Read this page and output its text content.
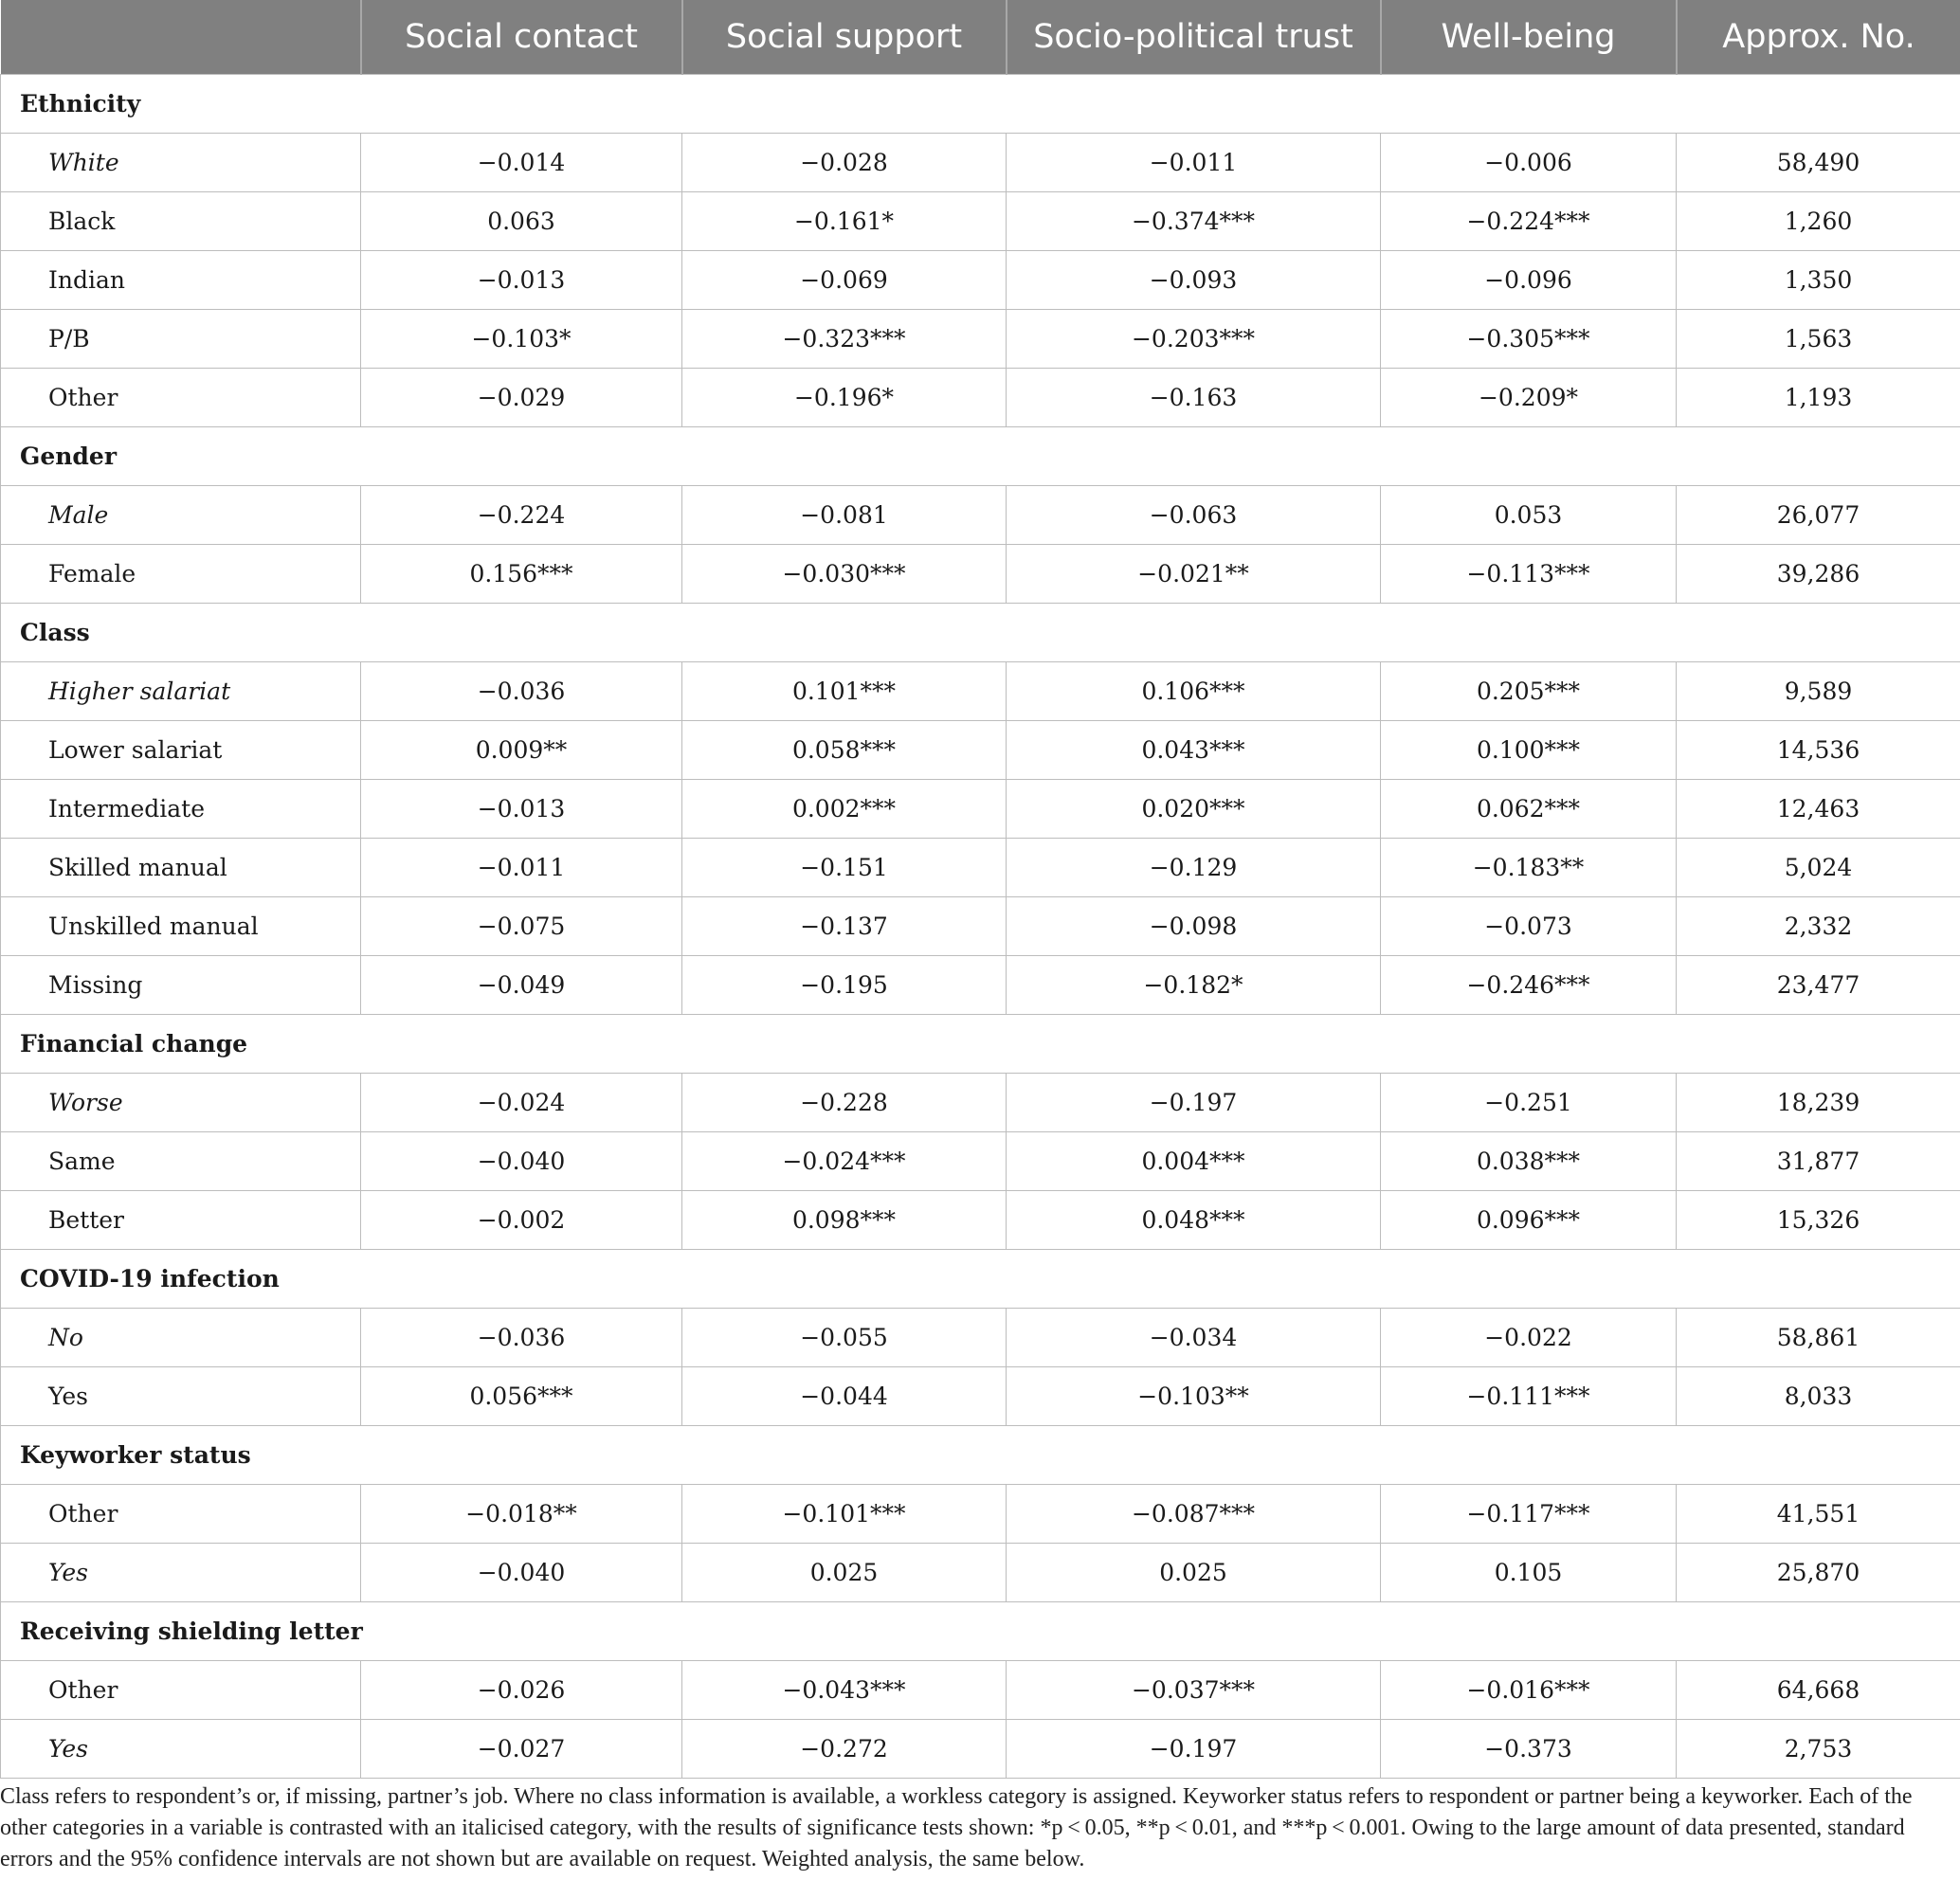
	Social contact	Social support	Socio-political trust	Well-being	Approx. No.
Ethnicity					
White	−0.014	−0.028	−0.011	−0.006	58,490
Black	0.063	−0.161*	−0.374***	−0.224***	1,260
Indian	−0.013	−0.069	−0.093	−0.096	1,350
P/B	−0.103*	−0.323***	−0.203***	−0.305***	1,563
Other	−0.029	−0.196*	−0.163	−0.209*	1,193
Gender					
Male	−0.224	−0.081	−0.063	0.053	26,077
Female	0.156***	−0.030***	−0.021**	−0.113***	39,286
Class					
Higher salariat	−0.036	0.101***	0.106***	0.205***	9,589
Lower salariat	0.009**	0.058***	0.043***	0.100***	14,536
Intermediate	−0.013	0.002***	0.020***	0.062***	12,463
Skilled manual	−0.011	−0.151	−0.129	−0.183**	5,024
Unskilled manual	−0.075	−0.137	−0.098	−0.073	2,332
Missing	−0.049	−0.195	−0.182*	−0.246***	23,477
Financial change					
Worse	−0.024	−0.228	−0.197	−0.251	18,239
Same	−0.040	−0.024***	0.004***	0.038***	31,877
Better	−0.002	0.098***	0.048***	0.096***	15,326
COVID-19 infection					
No	−0.036	−0.055	−0.034	−0.022	58,861
Yes	0.056***	−0.044	−0.103**	−0.111***	8,033
Keyworker status					
Other	−0.018**	−0.101***	−0.087***	−0.117***	41,551
Yes	−0.040	0.025	0.025	0.105	25,870
Receiving shielding letter					
Other	−0.026	−0.043***	−0.037***	−0.016***	64,668
Yes	−0.027	−0.272	−0.197	−0.373	2,753

Class refers to respondent’s or, if missing, partner’s job. Where no class information is available, a workless category is assigned. Keyworker status refers to respondent or partner being a keyworker. Each of the other categories in a variable is contrasted with an italicised category, with the results of significance tests shown: *p < 0.05, **p < 0.01, and ***p < 0.001. Owing to the large amount of data presented, standard errors and the 95% confidence intervals are not shown but are available on request. Weighted analysis, the same below.
